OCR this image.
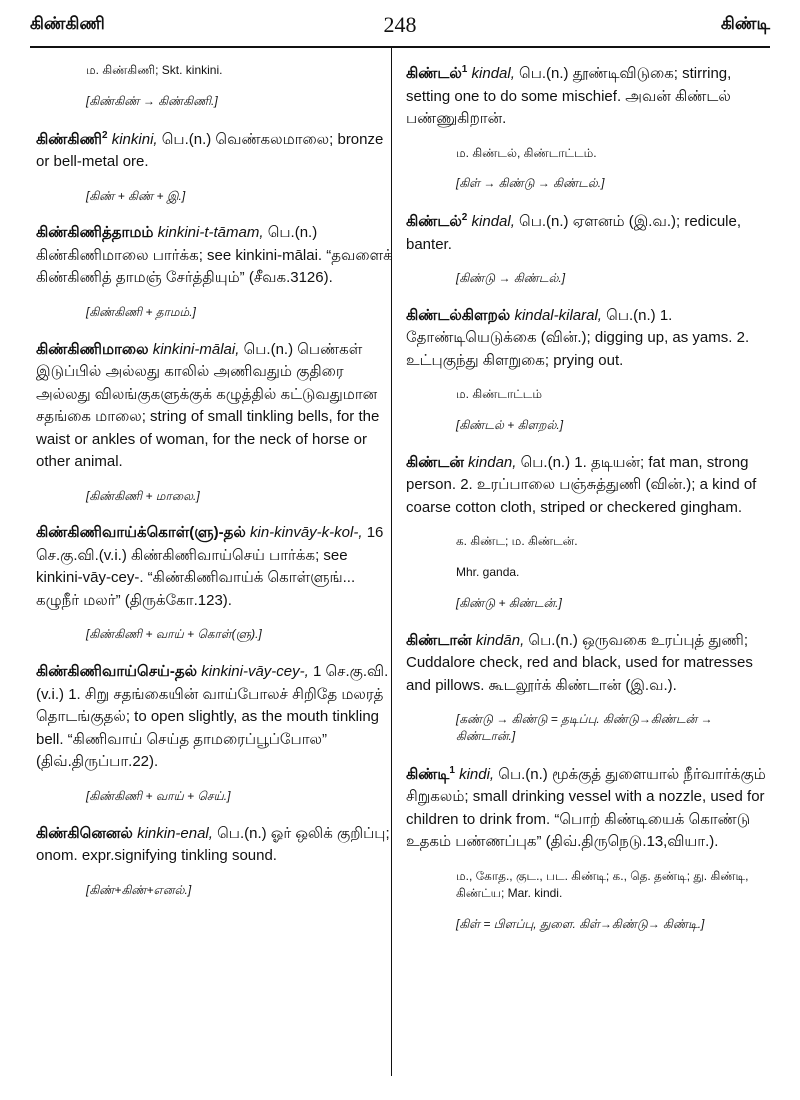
கிண்கிணி	248	கிண்டி
ம. கிண்கிணி; Skt. kinkini.
[கிண்கிண் → கிண்கிணி.]

கிண்கிணி$^2$ kinkini, பெ.(n.) வெண்கலமாலை; bronze or bell-metal ore.

[கிண் + கிண் + இ.]

கிண்கிணித்தாமம் kinkini-t-tāmam, பெ.(n.) கிண்கிணிமாலை பார்க்க; see kinkini-mālai. “தவளைக் கிண்கிணித் தாமஞ் சேர்த்தியும்” (சீவக.3126).

[கிண்கிணி + தாமம்.]

கிண்கிணிமாலை kinkini-mālai, பெ.(n.) பெண்கள் இடுப்பில் அல்லது காலில் அணிவதும் குதிரை அல்லது விலங்குகளுக்குக் கழுத்தில் கட்டுவதுமான சதங்கை மாலை; string of small tinkling bells, for the waist or ankles of woman, for the neck of horse or other animal.

[கிண்கிணி + மாலை.]

கிண்கிணிவாய்க்கொள்(ளு)-தல் kin-kinvāy-k-kol-, 16 செ.கு.வி.(v.i.) கிண்கிணிவாய்செய் பார்க்க; see kinkini-vāy-cey-. “கிண்கிணிவாய்க் கொள்ளுங்... கழுநீர் மலர்” (திருக்கோ.123).

[கிண்கிணி + வாய் + கொள்(ளு).]

கிண்கிணிவாய்செய்-தல் kinkini-vāy-cey-, 1 செ.கு.வி.(v.i.) 1. சிறு சதங்கையின் வாய்போலச் சிறிதே மலரத் தொடங்குதல்; to open slightly, as the mouth tinkling bell. “கிணிவாய் செய்த தாமரைப்பூப்போல” (திவ்.திருப்பா.22).

[கிண்கிணி + வாய் + செய்.]

கிண்கினெனல் kinkin-enal, பெ.(n.) ஓர் ஒலிக் குறிப்பு; onom. expr.signifying tinkling sound.

[கிண்+கிண்+எனல்.]

கிண்டல்$^1$ kindal, பெ.(n.) தூண்டிவிடுகை; stirring, setting one to do some mischief. அவன் கிண்டல் பண்ணுகிறான்.

ம. கிண்டல், கிண்டாட்டம்.
[கிள் → கிண்டு → கிண்டல்.]

கிண்டல்$^2$ kindal, பெ.(n.) ஏளனம் (இ.வ.); redicule, banter.

[கிண்டு → கிண்டல்.]

கிண்டல்கிளறல் kindal-kilaral, பெ.(n.) 1. தோண்டியெடுக்கை (வின்.); digging up, as yams. 2. உட்புகுந்து கிளறுகை; prying out.

ம. கிண்டாட்டம்
[கிண்டல் + கிளறல்.]

கிண்டன் kindan, பெ.(n.) 1. தடியன்; fat man, strong person. 2. உரப்பாலை பஞ்சுத்துணி (வின்.); a kind of coarse cotton cloth, striped or checkered gingham.

க. கிண்ட; ம. கிண்டன்.
Mhr. ganda.
[கிண்டு + கிண்டன்.]

கிண்டான் kindān, பெ.(n.) ஒருவகை உரப்புத் துணி; Cuddalore check, red and black, used for matresses and pillows. கூடலூர்க் கிண்டான் (இ.வ.).

[கண்டு → கிண்டு = தடிப்பு. கிண்டு→கிண்டன் → கிண்டான்.]

கிண்டி$^1$ kindi, பெ.(n.) மூக்குத் துளையால் நீர்வார்க்கும் சிறுகலம்; small drinking vessel with a nozzle, used for children to drink from. “பொற் கிண்டியைக் கொண்டு உதகம் பண்ணப்புக” (திவ்.திருநெடு.13,வியா.).

ம., கோத., குட., பட. கிண்டி; க., தெ. தண்டி; து. கிண்டி, கிண்ட்ய; Mar. kindi.
[கிள் = பிளப்பு, துளை. கிள்→கிண்டு→ கிண்டி.]
